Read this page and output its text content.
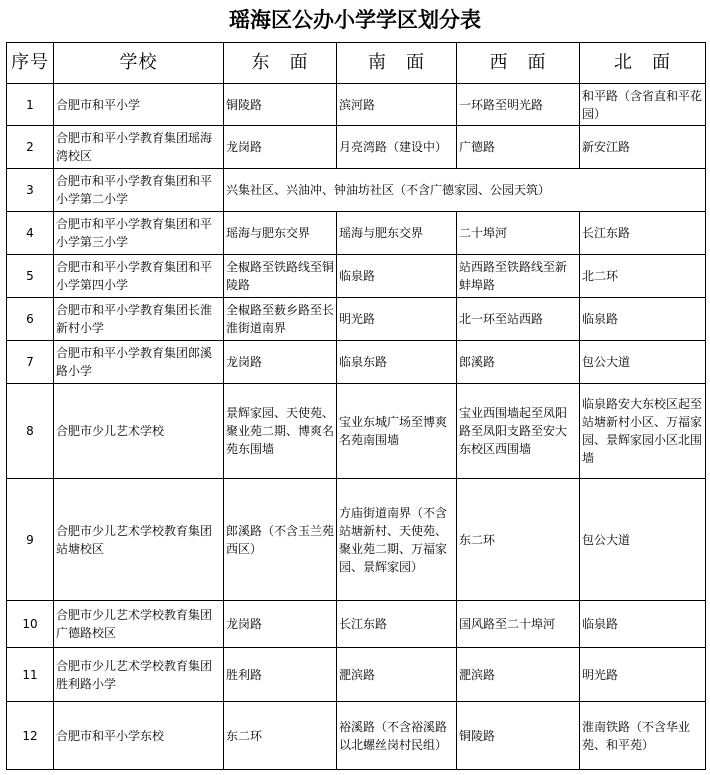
瑶海区公办小学学区划分表
序号	学校	东　面	南　面	西　面	北　面
1	合肥市和平小学	铜陵路	滨河路	一环路至明光路	和平路（含省直和平花园）
2	合肥市和平小学教育集团瑶海湾校区	龙岗路	月亮湾路（建设中）	广德路	新安江路
3	合肥市和平小学教育集团和平小学第二小学	兴集社区、兴油冲、钟油坊社区（不含广德家园、公园天筑）			
4	合肥市和平小学教育集团和平小学第三小学	瑶海与肥东交界	瑶海与肥东交界	二十埠河	长江东路
5	合肥市和平小学教育集团和平小学第四小学	全椒路至铁路线至铜陵路	临泉路	站西路至铁路线至新蚌埠路	北二环
6	合肥市和平小学教育集团长淮新村小学	全椒路至薮乡路至长淮街道南界	明光路	北一环至站西路	临泉路
7	合肥市和平小学教育集团郎溪路小学	龙岗路	临泉东路	郎溪路	包公大道
8	合肥市少儿艺术学校	景辉家园、天使苑、聚业苑二期、博爽名苑东围墙	宝业东城广场至博爽名苑南围墙	宝业西围墙起至凤阳路至凤阳支路至安大东校区西围墙	临泉路安大东校区起至站塘新村小区、万福家园、景辉家园小区北围墙
9	合肥市少儿艺术学校教育集团站塘校区	郎溪路（不含玉兰苑西区）	方庙街道南界（不含站塘新村、天使苑、聚业苑二期、万福家园、景辉家园）	东二环	包公大道
10	合肥市少儿艺术学校教育集团广德路校区	龙岗路	长江东路	国风路至二十埠河	临泉路
11	合肥市少儿艺术学校教育集团胜利路小学	胜利路	淝滨路	淝滨路	明光路
12	合肥市和平小学东校	东二环	裕溪路（不含裕溪路以北螺丝岗村民组）	铜陵路	淮南铁路（不含华业苑、和平苑）
